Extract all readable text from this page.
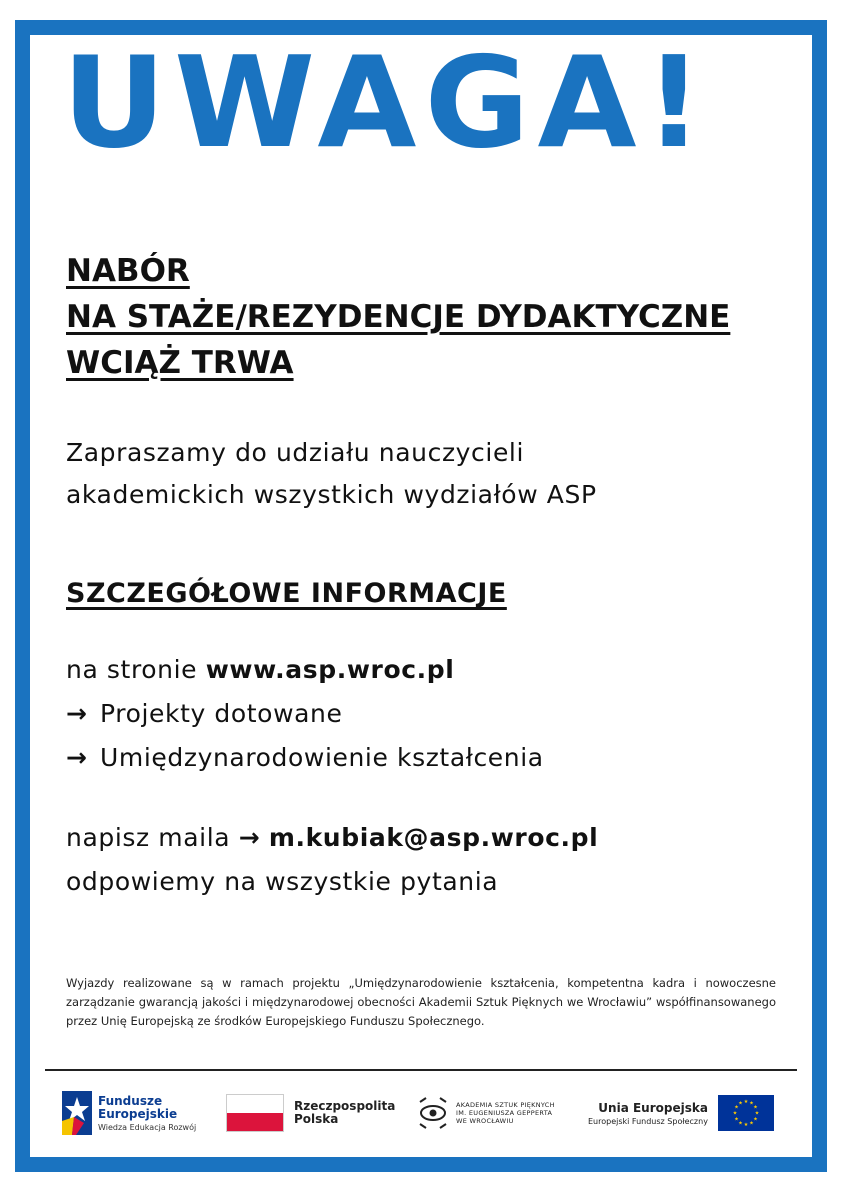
UWAGA!
NABÓR
NA STAŻE/REZYDENCJE DYDAKTYCZNE
WCIĄŻ TRWA
Zapraszamy do udziału nauczycieli
akademickich wszystkich wydziałów ASP
SZCZEGÓŁOWE INFORMACJE
na stronie www.asp.wroc.pl
→ Projekty dotowane
→ Umiędzynarodowienie kształcenia
napisz maila → m.kubiak@asp.wroc.pl
odpowiemy na wszystkie pytania
Wyjazdy realizowane są w ramach projektu „Umiędzynarodowienie kształcenia, kompetentna kadra i nowoczesne zarządzanie gwarancją jakości i międzynarodowej obecności Akademii Sztuk Pięknych we Wrocławiu” współfinansowanego przez Unię Europejską ze środków Europejskiego Funduszu Społecznego.
Fundusze
Europejskie
Wiedza Edukacja Rozwój
Rzeczpospolita
Polska
AKADEMIA SZTUK PIĘKNYCH
IM. EUGENIUSZA GEPPERTA
WE WROCŁAWIU
Unia Europejska
Europejski Fundusz Społeczny
★ ★
★
★
★
★
★
★
★
★
★
★
